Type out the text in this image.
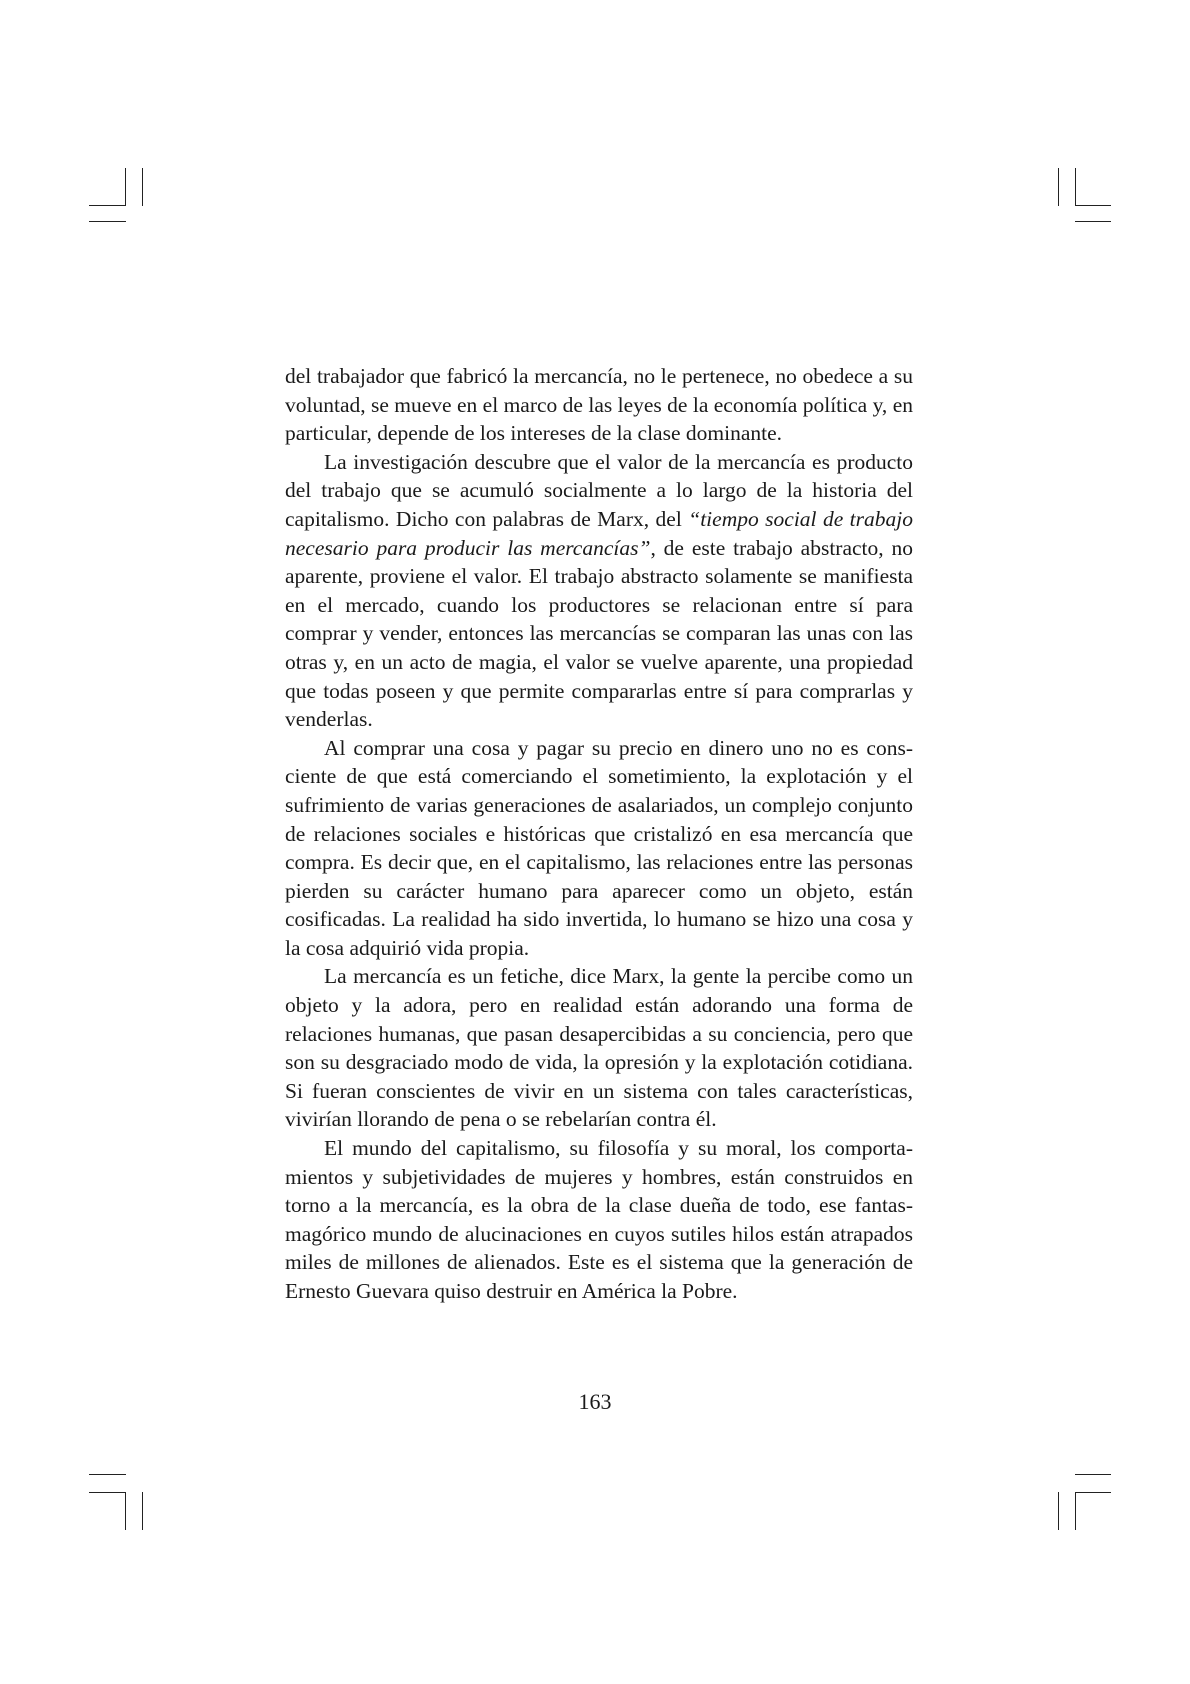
del trabajador que fabricó la mercancía, no le pertenece, no obedece a su voluntad, se mueve en el marco de las leyes de la economía política y, en particular, depende de los intereses de la clase dominante.

La investigación descubre que el valor de la mercancía es producto del trabajo que se acumuló socialmente a lo largo de la historia del capitalismo. Dicho con palabras de Marx, del “tiempo social de trabajo necesario para producir las mercancías”, de este trabajo abstracto, no aparente, proviene el valor. El trabajo abstracto solamente se manifiesta en el mercado, cuando los productores se relacionan entre sí para comprar y vender, entonces las mercancías se comparan las unas con las otras y, en un acto de magia, el valor se vuelve aparente, una propiedad que todas poseen y que permite compararlas entre sí para comprarlas y venderlas.

Al comprar una cosa y pagar su precio en dinero uno no es consciente de que está comerciando el sometimiento, la explotación y el sufrimiento de varias generaciones de asalariados, un complejo conjunto de relaciones sociales e históricas que cristalizó en esa mercancía que compra. Es decir que, en el capitalismo, las relaciones entre las personas pierden su carácter humano para aparecer como un objeto, están cosificadas. La realidad ha sido invertida, lo humano se hizo una cosa y la cosa adquirió vida propia.

La mercancía es un fetiche, dice Marx, la gente la percibe como un objeto y la adora, pero en realidad están adorando una forma de relaciones humanas, que pasan desapercibidas a su conciencia, pero que son su desgraciado modo de vida, la opresión y la explotación cotidiana. Si fueran conscientes de vivir en un sistema con tales características, vivirían llorando de pena o se rebelarían contra él.

El mundo del capitalismo, su filosofía y su moral, los comportamientos y subjetividades de mujeres y hombres, están construidos en torno a la mercancía, es la obra de la clase dueña de todo, ese fantasmagórico mundo de alucinaciones en cuyos sutiles hilos están atrapados miles de millones de alienados. Este es el sistema que la generación de Ernesto Guevara quiso destruir en América la Pobre.

163
